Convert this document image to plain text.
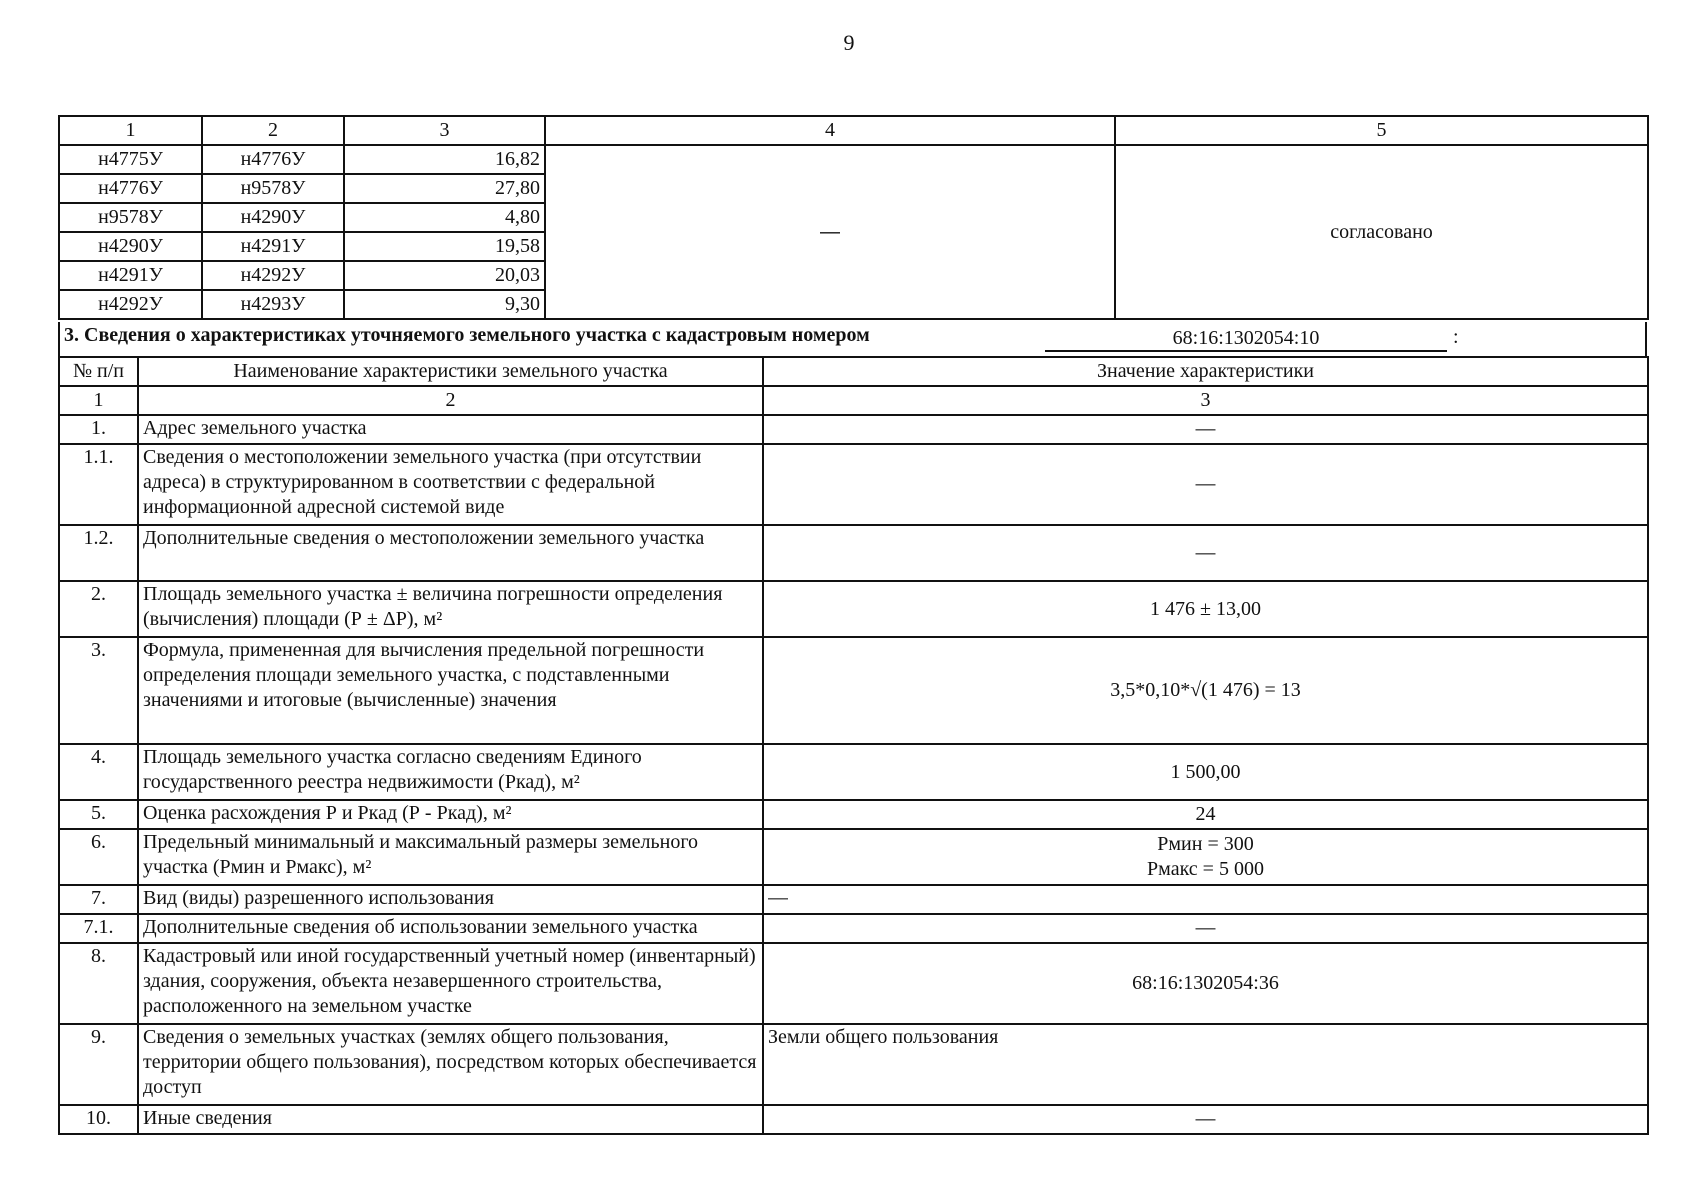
9
1	2	3	4	5
н4775У	н4776У	16,82	—	согласовано
н4776У	н9578У	27,80		
н9578У	н4290У	4,80		
н4290У	н4291У	19,58		
н4291У	н4292У	20,03		
н4292У	н4293У	9,30		
3. Сведения о характеристиках уточняемого земельного участка с кадастровым номером	68:16:1302054:10	:
№ п/п	Наименование характеристики земельного участка	Значение характеристики
1	2	3
1.	Адрес земельного участка	—
1.1.	Сведения о местоположении земельного участка (при отсутствии адреса) в структурированном в соответствии с федеральной информационной адресной системой виде	—
1.2.	Дополнительные сведения о местоположении земельного участка	—
2.	Площадь земельного участка ± величина погрешности определения (вычисления) площади (Р ± ΔР), м²	1 476 ± 13,00
3.	Формула, примененная для вычисления предельной погрешности определения площади земельного участка, с подставленными значениями и итоговые (вычисленные) значения	3,5*0,10*√(1 476) = 13
4.	Площадь земельного участка согласно сведениям Единого государственного реестра недвижимости (Ркад), м²	1 500,00
5.	Оценка расхождения Р и Ркад (Р - Ркад), м²	24
6.	Предельный минимальный и максимальный размеры земельного участка (Рмин и Рмакс), м²	Рмин = 300
Рмакс = 5 000

7.	Вид (виды) разрешенного использования	—
7.1.	Дополнительные сведения об использовании земельного участка	—
8.	Кадастровый или иной государственный учетный номер (инвентарный) здания, сооружения, объекта незавершенного строительства, расположенного на земельном участке	68:16:1302054:36
9.	Сведения о земельных участках (землях общего пользования, территории общего пользования), посредством которых обеспечивается доступ	Земли общего пользования
10.	Иные сведения	—
